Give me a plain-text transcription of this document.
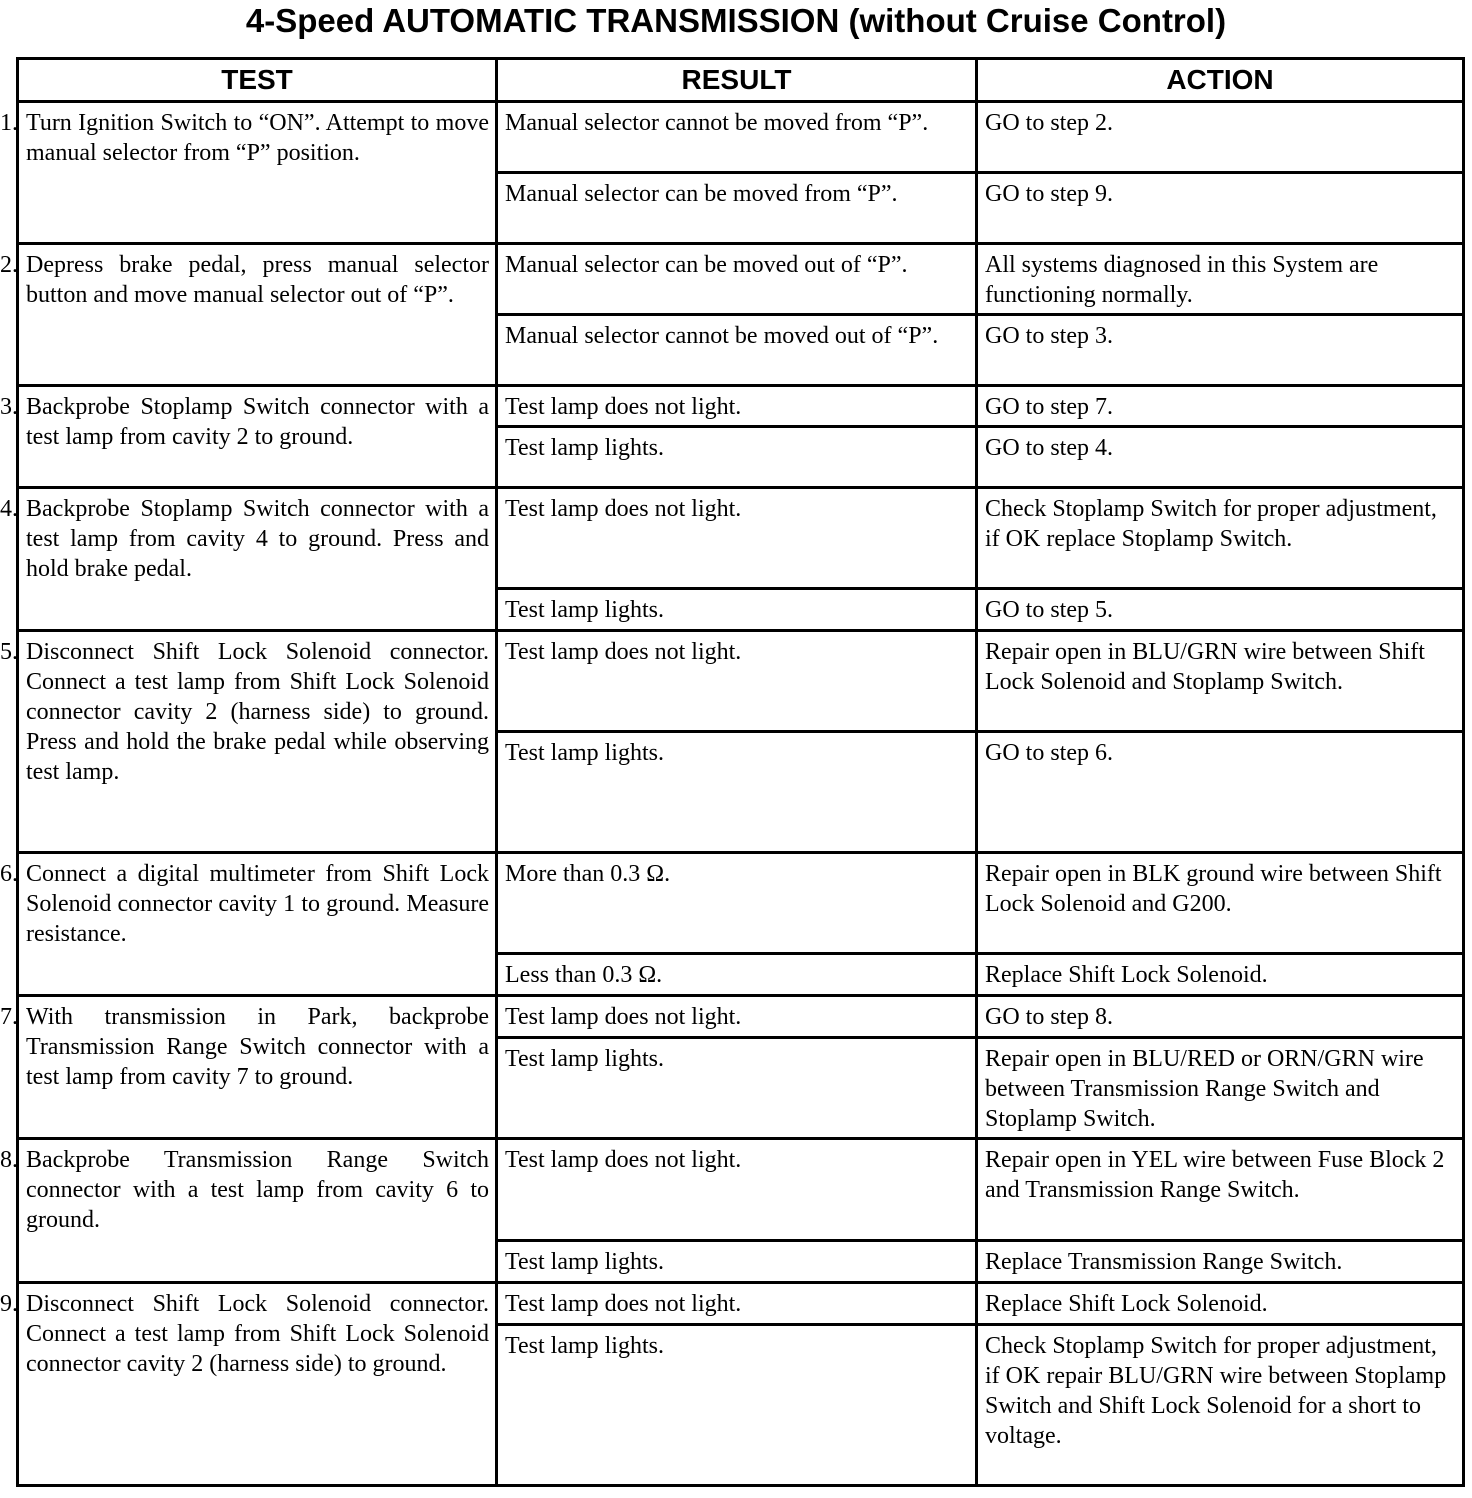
4-Speed AUTOMATIC TRANSMISSION (without Cruise Control)
TEST	RESULT	ACTION

1. Turn Ignition Switch to “ON”. Attempt to move manual selector from “P” position.	Manual selector cannot be moved from “P”.	GO to step 2.
	Manual selector can be moved from “P”.	GO to step 9.

2. Depress brake pedal, press manual selector button and move manual selector out of “P”.	Manual selector can be moved out of “P”.	All systems diagnosed in this System are functioning normally.
	Manual selector cannot be moved out of “P”.	GO to step 3.

3. Backprobe Stoplamp Switch connector with a test lamp from cavity 2 to ground.	Test lamp does not light.	GO to step 7.
	Test lamp lights.	GO to step 4.

4. Backprobe Stoplamp Switch connector with a test lamp from cavity 4 to ground. Press and hold brake pedal.	Test lamp does not light.	Check Stoplamp Switch for proper adjustment, if OK replace Stoplamp Switch.
	Test lamp lights.	GO to step 5.

5. Disconnect Shift Lock Solenoid connector. Connect a test lamp from Shift Lock Solenoid connector cavity 2 (harness side) to ground. Press and hold the brake pedal while observing test lamp.	Test lamp does not light.	Repair open in BLU/GRN wire between Shift Lock Solenoid and Stoplamp Switch.
	Test lamp lights.	GO to step 6.

6. Connect a digital multimeter from Shift Lock Solenoid connector cavity 1 to ground. Measure resistance.	More than 0.3 Ω.	Repair open in BLK ground wire between Shift Lock Solenoid and G200.
	Less than 0.3 Ω.	Replace Shift Lock Solenoid.

7. With transmission in Park, backprobe Transmission Range Switch connector with a test lamp from cavity 7 to ground.	Test lamp does not light.	GO to step 8.
	Test lamp lights.	Repair open in BLU/RED or ORN/GRN wire between Transmission Range Switch and Stoplamp Switch.

8. Backprobe Transmission Range Switch connector with a test lamp from cavity 6 to ground.	Test lamp does not light.	Repair open in YEL wire between Fuse Block 2 and Transmission Range Switch.
	Test lamp lights.	Replace Transmission Range Switch.

9. Disconnect Shift Lock Solenoid connector. Connect a test lamp from Shift Lock Solenoid connector cavity 2 (harness side) to ground.	Test lamp does not light.	Replace Shift Lock Solenoid.
	Test lamp lights.	Check Stoplamp Switch for proper adjustment, if OK repair BLU/GRN wire between Stoplamp Switch and Shift Lock Solenoid for a short to voltage.
